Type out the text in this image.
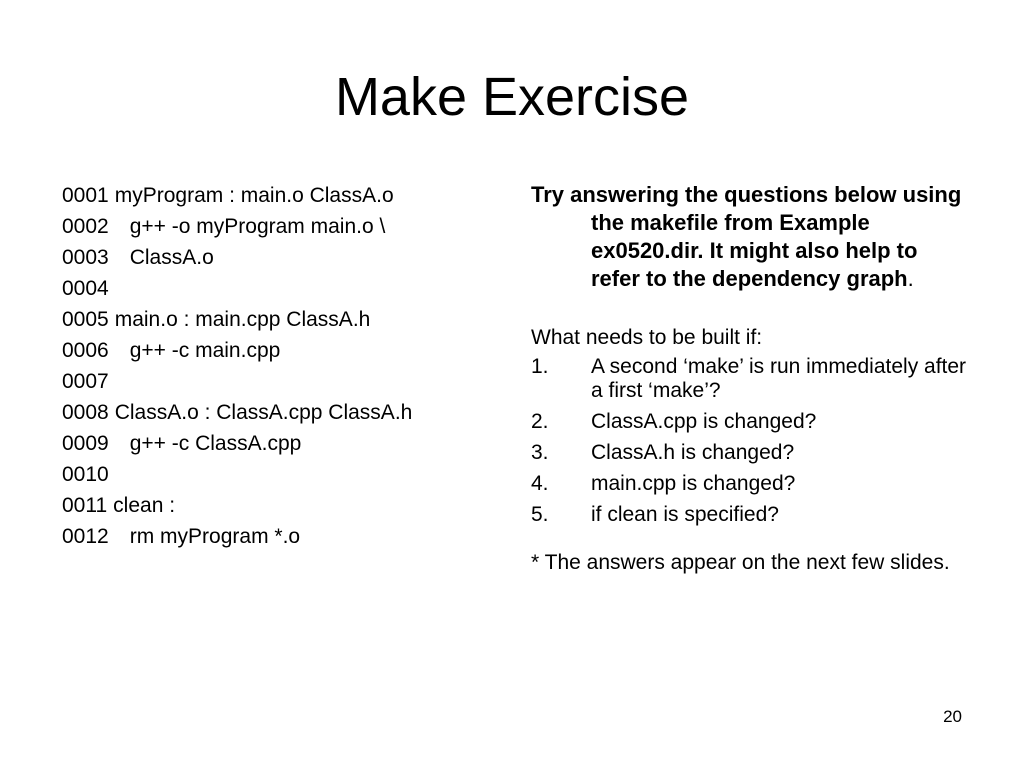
Make Exercise
0001 myProgram : main.o ClassA.o
0002 g++ -o myProgram main.o \
0003 ClassA.o
0004
0005 main.o : main.cpp ClassA.h
0006 g++ -c main.cpp
0007
0008 ClassA.o : ClassA.cpp ClassA.h
0009 g++ -c ClassA.cpp
0010
0011 clean :
0012 rm myProgram *.o

Try answering the questions below using the makefile from Example ex0520.dir. It might also help to refer to the dependency graph.

What needs to be built if:

1.	A second ‘make’ is run immediately after a first ‘make’?
2.	ClassA.cpp is changed?
3.	ClassA.h is changed?
4.	main.cpp is changed?
5.	if clean is specified?

* The answers appear on the next few slides.

20
